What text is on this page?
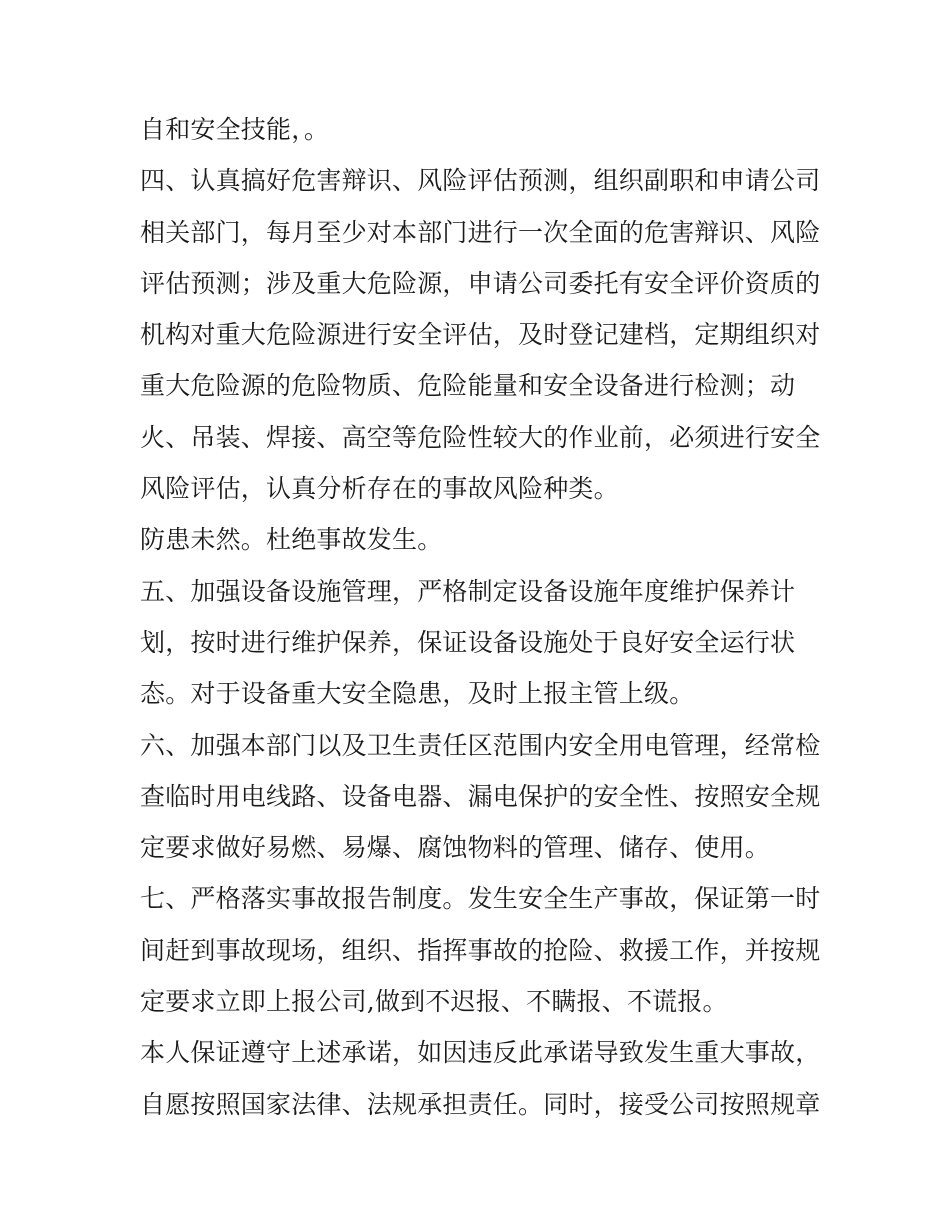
自和安全技能，。
四、认真搞好危害辩识、风险评估预测，组织副职和申请公司
相关部门，每月至少对本部门进行一次全面的危害辩识、风险
评估预测；涉及重大危险源，申请公司委托有安全评价资质的
机构对重大危险源进行安全评估，及时登记建档，定期组织对
重大危险源的危险物质、危险能量和安全设备进行检测；动
火、吊装、焊接、高空等危险性较大的作业前，必须进行安全
风险评估，认真分析存在的事故风险种类。
防患未然。杜绝事故发生。
五、加强设备设施管理，严格制定设备设施年度维护保养计
划，按时进行维护保养，保证设备设施处于良好安全运行状
态。对于设备重大安全隐患，及时上报主管上级。
六、加强本部门以及卫生责任区范围内安全用电管理，经常检
查临时用电线路、设备电器、漏电保护的安全性、按照安全规
定要求做好易燃、易爆、腐蚀物料的管理、储存、使用。
七、严格落实事故报告制度。发生安全生产事故，保证第一时
间赶到事故现场，组织、指挥事故的抢险、救援工作，并按规
定要求立即上报公司,做到不迟报、不瞒报、不谎报。
本人保证遵守上述承诺，如因违反此承诺导致发生重大事故，
自愿按照国家法律、法规承担责任。同时，接受公司按照规章
